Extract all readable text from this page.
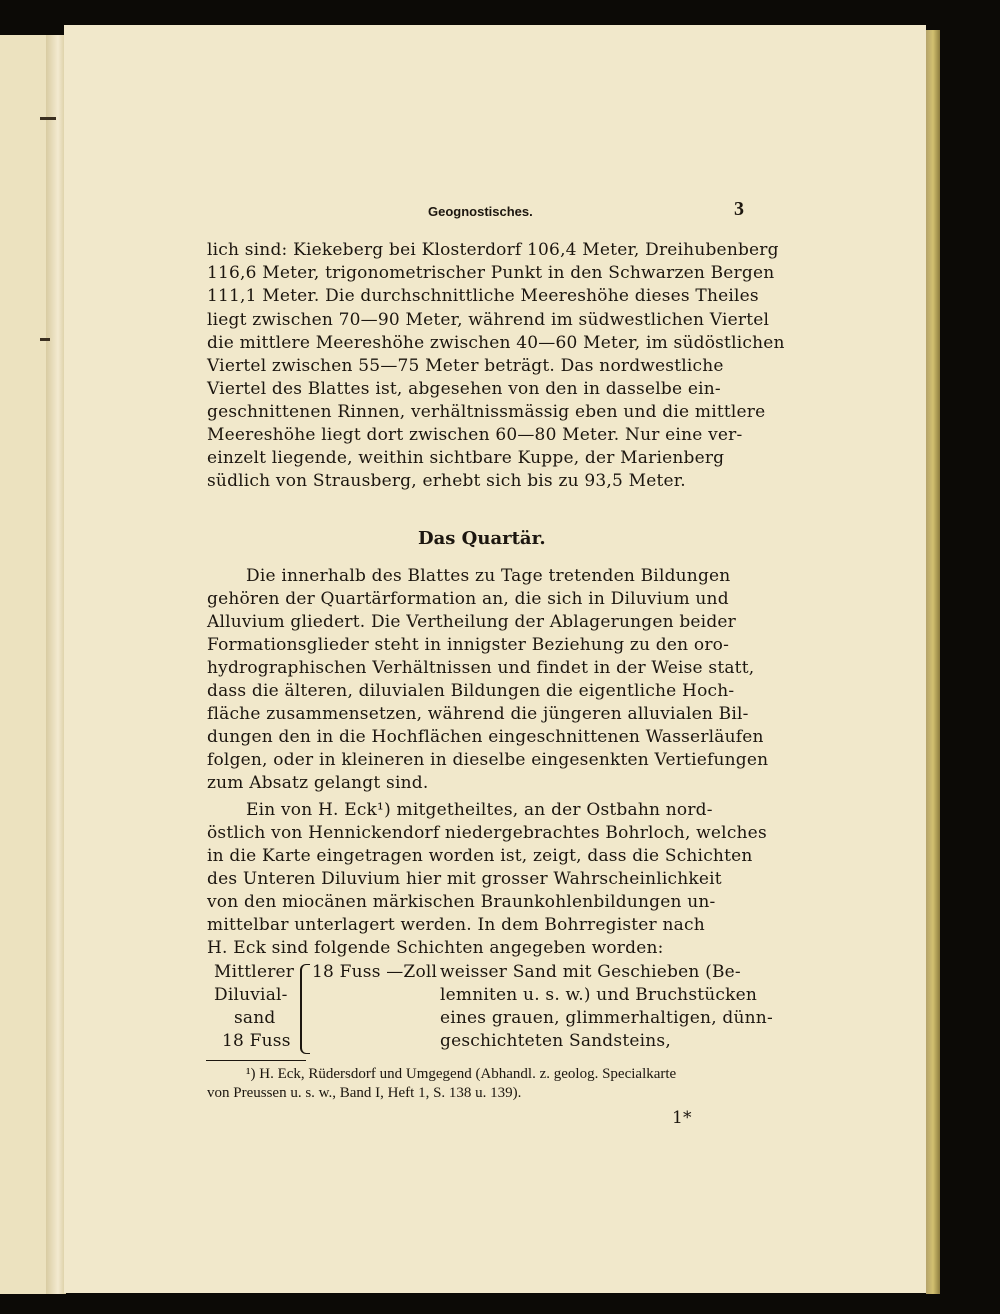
Geognostisches.	3
lich sind: Kiekeberg bei Klosterdorf 106,4 Meter, Dreihubenberg
116,6 Meter, trigonometrischer Punkt in den Schwarzen Bergen
111,1 Meter. Die durchschnittliche Meereshöhe dieses Theiles
liegt zwischen 70—90 Meter, während im südwestlichen Viertel
die mittlere Meereshöhe zwischen 40—60 Meter, im südöstlichen
Viertel zwischen 55—75 Meter beträgt. Das nordwestliche
Viertel des Blattes ist, abgesehen von den in dasselbe ein-
geschnittenen Rinnen, verhältnissmässig eben und die mittlere
Meereshöhe liegt dort zwischen 60—80 Meter. Nur eine ver-
einzelt liegende, weithin sichtbare Kuppe, der Marienberg
südlich von Strausberg, erhebt sich bis zu 93,5 Meter.
Das Quartär.
Die innerhalb des Blattes zu Tage tretenden Bildungen
gehören der Quartärformation an, die sich in Diluvium und
Alluvium gliedert. Die Vertheilung der Ablagerungen beider
Formationsglieder steht in innigster Beziehung zu den oro-
hydrographischen Verhältnissen und findet in der Weise statt,
dass die älteren, diluvialen Bildungen die eigentliche Hoch-
fläche zusammensetzen, während die jüngeren alluvialen Bil-
dungen den in die Hochflächen eingeschnittenen Wasserläufen
folgen, oder in kleineren in dieselbe eingesenkten Vertiefungen
zum Absatz gelangt sind.
Ein von H. Eck¹) mitgetheiltes, an der Ostbahn nord-
östlich von Hennickendorf niedergebrachtes Bohrloch, welches
in die Karte eingetragen worden ist, zeigt, dass die Schichten
des Unteren Diluvium hier mit grosser Wahrscheinlichkeit
von den miocänen märkischen Braunkohlenbildungen un-
mittelbar unterlagert werden. In dem Bohrregister nach
H. Eck sind folgende Schichten angegeben worden:
Mittlerer
Diluvial-
sand
18 Fuss
18 Fuss —Zoll weisser Sand mit Geschieben (Be-
lemniten u. s. w.) und Bruchstücken
eines grauen, glimmerhaltigen, dünn-
geschichteten Sandsteins,
¹) H. Eck, Rüdersdorf und Umgegend (Abhandl. z. geolog. Specialkarte
von Preussen u. s. w., Band I, Heft 1, S. 138 u. 139).
1*
